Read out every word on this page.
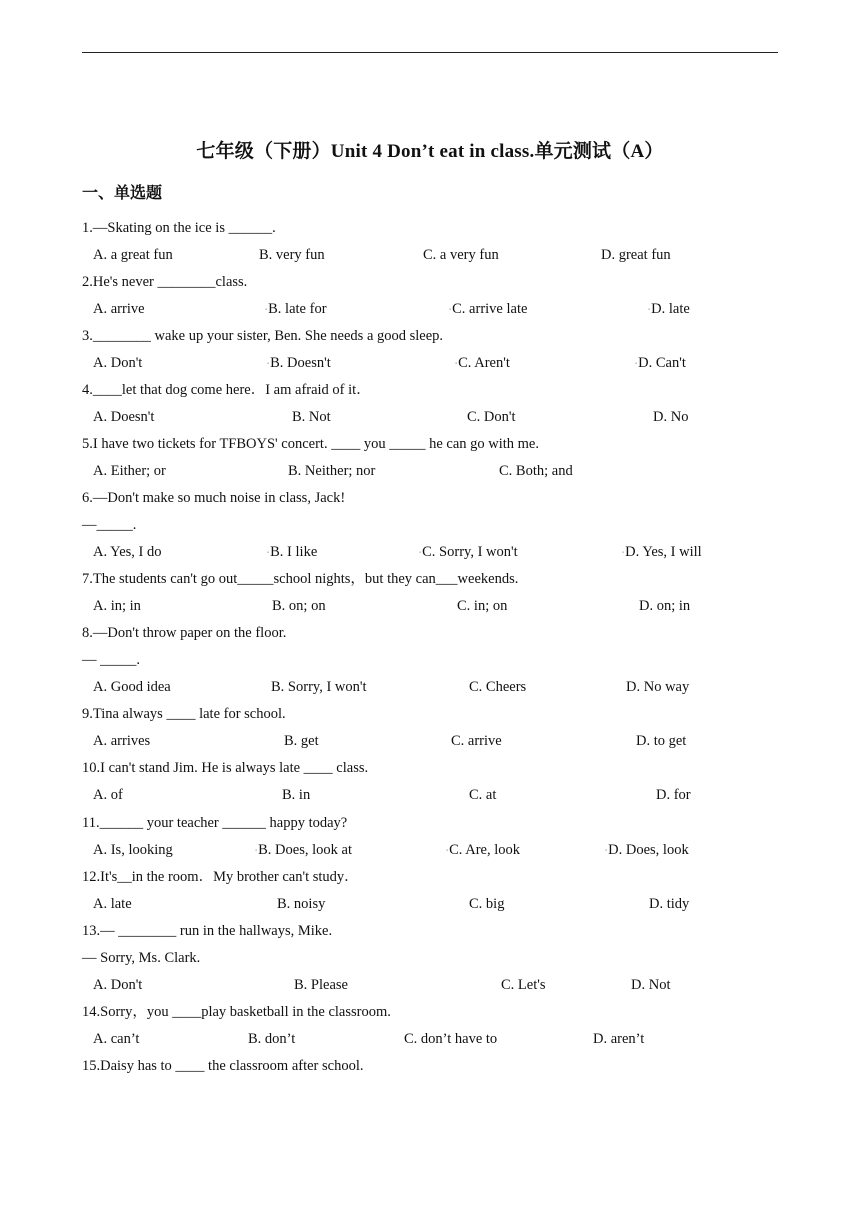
七年级（下册）Unit 4 Don’t eat in class.单元测试（A）
一、单选题
1.—Skating on the ice is ______.
A. a great fun	B. very fun	C. a very fun	D. great fun
2.He's never ________class.
A. arrive	▪B. late for	▪C. arrive late	▪D. late
3.________ wake up your sister, Ben. She needs a good sleep.
A. Don't	▪B. Doesn't	▪C. Aren't	▪D. Can't
4.____let that dog come here．I am afraid of it．
A. Doesn't	B. Not	C. Don't	D. No
5.I have two tickets for TFBOYS' concert. ____ you _____ he can go with me.
A. Either; or	B. Neither; nor	C. Both; and
6.—Don't make so much noise in class, Jack!
—_____.
A. Yes, I do	▪B. I like	▪C. Sorry, I won't	▪D. Yes, I will
7.The students can't go out_____school nights，but they can___weekends.
A. in; in	B. on; on	C. in; on	D. on; in
8.—Don't throw paper on the floor.
— _____.
A. Good idea	B. Sorry, I won't	C. Cheers	D. No way
9.Tina always ____ late for school.
A. arrives	B. get	C. arrive	D. to get
10.I can't stand Jim. He is always late ____ class.
A. of	B. in	C. at	D. for
11.______ your teacher ______ happy today?
A. Is, looking	▪B. Does, look at	▪C. Are, look	▪D. Does, look
12.It's__in the room．My brother can't study．
A. late	B. noisy	C. big	D. tidy
13.— ________ run in the hallways, Mike.
— Sorry, Ms. Clark.
A. Don't	B. Please	C. Let's	D. Not
14.Sorry，you ____play basketball in the classroom.
A. can’t	B. don’t	C. don’t have to	D. aren’t
15.Daisy has to ____ the classroom after school.
